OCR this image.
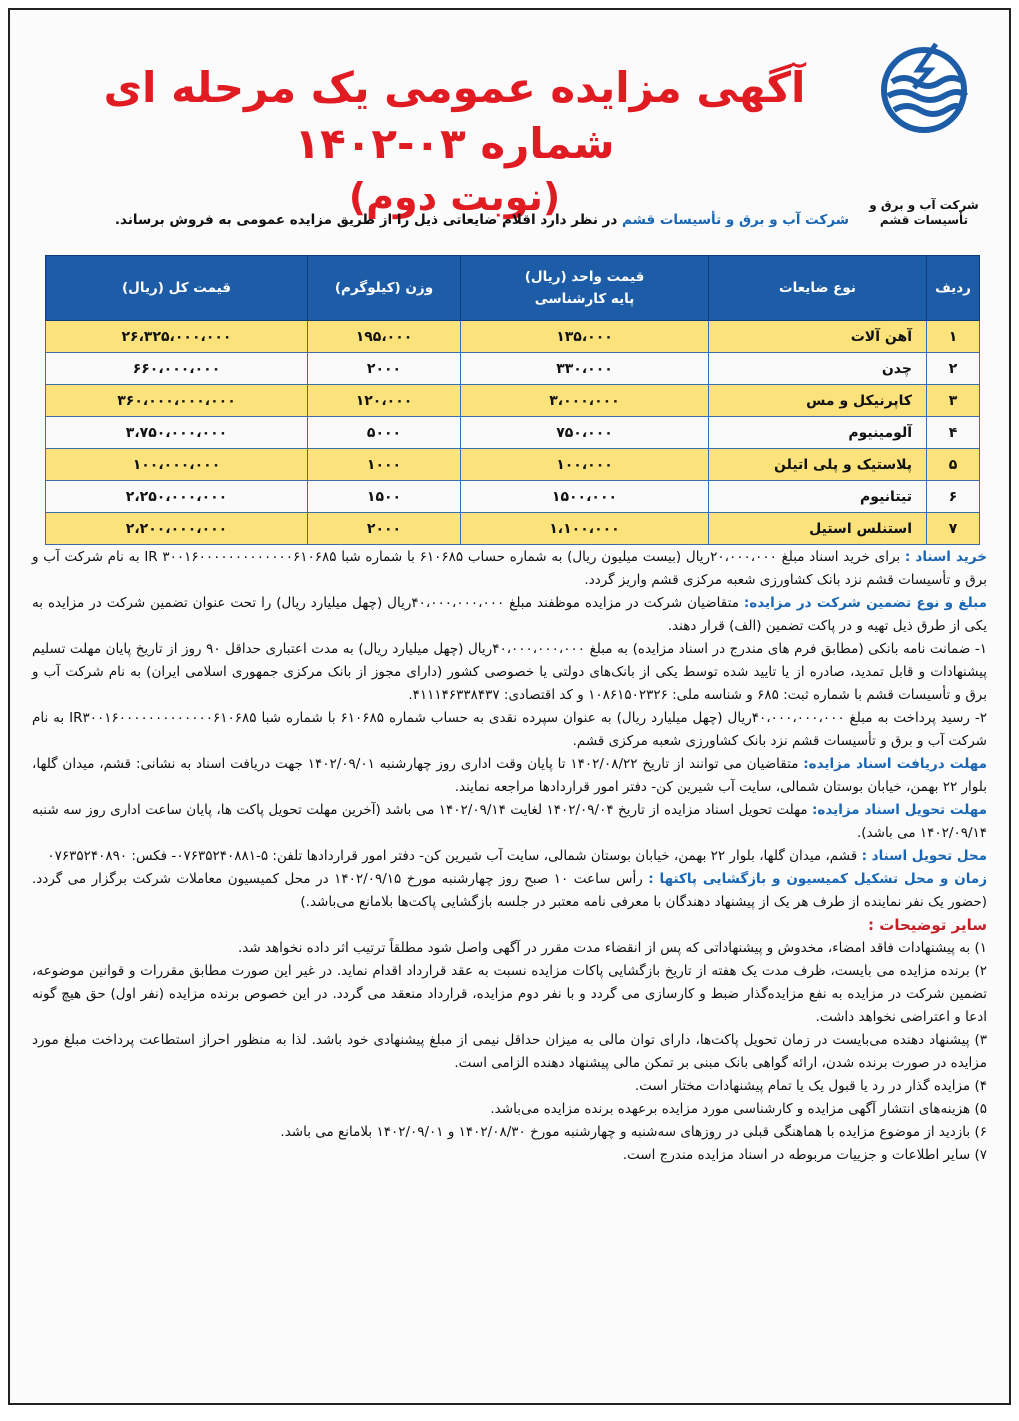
شرکت آب و برق و
تأسیسات قشم
آگهی مزایده عمومی یک مرحله ای شماره ۰۳-۱۴۰۲
(نوبت دوم)
شرکت آب و برق و تأسیسات قشم در نظر دارد اقلام ضایعاتی ذیل را از طریق مزایده عمومی به فروش برساند.
ردیف	نوع ضایعات	قیمت واحد (ریال)
پایه کارشناسی	وزن (کیلوگرم)	قیمت کل (ریال)
۱	آهن آلات	۱۳۵،۰۰۰	۱۹۵،۰۰۰	۲۶،۳۲۵،۰۰۰،۰۰۰
۲	چدن	۳۳۰،۰۰۰	۲۰۰۰	۶۶۰،۰۰۰،۰۰۰
۳	کاپرنیکل و مس	۳،۰۰۰،۰۰۰	۱۲۰،۰۰۰	۳۶۰،۰۰۰،۰۰۰،۰۰۰
۴	آلومینیوم	۷۵۰،۰۰۰	۵۰۰۰	۳،۷۵۰،۰۰۰،۰۰۰
۵	پلاستیک و پلی اتیلن	۱۰۰،۰۰۰	۱۰۰۰	۱۰۰،۰۰۰،۰۰۰
۶	تیتانیوم	۱۵۰۰،۰۰۰	۱۵۰۰	۲،۲۵۰،۰۰۰،۰۰۰
۷	استنلس استیل	۱،۱۰۰،۰۰۰	۲۰۰۰	۲،۲۰۰،۰۰۰،۰۰۰

خرید اسناد : برای خرید اسناد مبلغ ۲۰،۰۰۰،۰۰۰ریال (بیست میلیون ریال) به شماره حساب ۶۱۰۶۸۵ با شماره شبا IR ۳۰۰۱۶۰۰۰۰۰۰۰۰۰۰۰۰۰۶۱۰۶۸۵ به نام شرکت آب و برق و تأسیسات قشم نزد بانک کشاورزی شعبه مرکزی قشم واریز گردد.

مبلغ و نوع تضمین شرکت در مزایده: متقاضیان شرکت در مزایده موظفند مبلغ ۴۰،۰۰۰،۰۰۰،۰۰۰ریال (چهل میلیارد ریال) را تحت عنوان تضمین شرکت در مزایده به یکی از طرق ذیل تهیه و در پاکت تضمین (الف) قرار دهند.

۱- ضمانت نامه بانکی (مطابق فرم های مندرج در اسناد مزایده) به مبلغ ۴۰،۰۰۰،۰۰۰،۰۰۰ریال (چهل میلیارد ریال) به مدت اعتباری حداقل ۹۰ روز از تاریخ پایان مهلت تسلیم پیشنهادات و قابل تمدید، صادره از یا تایید شده توسط یکی از بانک‌های دولتی یا خصوصی کشور (دارای مجوز از بانک مرکزی جمهوری اسلامی ایران) به نام شرکت آب و برق و تأسیسات قشم با شماره ثبت: ۶۸۵ و شناسه ملی: ۱۰۸۶۱۵۰۲۳۲۶ و کد اقتصادی: ۴۱۱۱۴۶۳۳۸۴۳۷.

۲- رسید پرداخت به مبلغ ۴۰،۰۰۰،۰۰۰،۰۰۰ریال (چهل میلیارد ریال) به عنوان سپرده نقدی به حساب شماره ۶۱۰۶۸۵ با شماره شبا IR۳۰۰۱۶۰۰۰۰۰۰۰۰۰۰۰۰۰۶۱۰۶۸۵ به نام شرکت آب و برق و تأسیسات قشم نزد بانک کشاورزی شعبه مرکزی قشم.

مهلت دریافت اسناد مزایده: متقاضیان می توانند از تاریخ ۱۴۰۲/۰۸/۲۲ تا پایان وقت اداری روز چهارشنبه ۱۴۰۲/۰۹/۰۱ جهت دریافت اسناد به نشانی: قشم، میدان گلها، بلوار ۲۲ بهمن، خیابان بوستان شمالی، سایت آب شیرین کن- دفتر امور قراردادها مراجعه نمایند.

مهلت تحویل اسناد مزایده: مهلت تحویل اسناد مزایده از تاریخ ۱۴۰۲/۰۹/۰۴ لغایت ۱۴۰۲/۰۹/۱۴ می باشد (آخرین مهلت تحویل پاکت ها، پایان ساعت اداری روز سه شنبه ۱۴۰۲/۰۹/۱۴ می باشد).

محل تحویل اسناد : قشم، میدان گلها، بلوار ۲۲ بهمن، خیابان بوستان شمالی، سایت آب شیرین کن- دفتر امور قراردادها تلفن: ۵-۰۷۶۳۵۲۴۰۸۸۱- فکس: ۰۷۶۳۵۲۴۰۸۹۰

زمان و محل تشکیل کمیسیون و بازگشایی پاکتها : رأس ساعت ۱۰ صبح روز چهارشنبه مورخ ۱۴۰۲/۰۹/۱۵ در محل کمیسیون معاملات شرکت برگزار می گردد. (حضور یک نفر نماینده از طرف هر یک از پیشنهاد دهندگان با معرفی نامه معتبر در جلسه بازگشایی پاکت‌ها بلامانع می‌باشد.)

سایر توضیحات :

۱) به پیشنهادات فاقد امضاء، مخدوش و پیشنهاداتی که پس از انقضاء مدت مقرر در آگهی واصل شود مطلقاً ترتیب اثر داده نخواهد شد.

۲) برنده مزایده می بایست، ظرف مدت یک هفته از تاریخ بازگشایی پاکات مزایده نسبت به عقد قرارداد اقدام نماید. در غیر این صورت مطابق مقررات و قوانین موضوعه، تضمین شرکت در مزایده به نفع مزایده‌گذار ضبط و کارسازی می گردد و با نفر دوم مزایده، قرارداد منعقد می گردد. در این خصوص برنده مزایده (نفر اول) حق هیچ گونه ادعا و اعتراضی نخواهد داشت.

۳) پیشنهاد دهنده می‌بایست در زمان تحویل پاکت‌ها، دارای توان مالی به میزان حداقل نیمی از مبلغ پیشنهادی خود باشد. لذا به منظور احراز استطاعت پرداخت مبلغ مورد مزایده در صورت برنده شدن، ارائه گواهی بانک مبنی بر تمکن مالی پیشنهاد دهنده الزامی است.

۴) مزایده گذار در رد یا قبول یک یا تمام پیشنهادات مختار است.

۵) هزینه‌های انتشار آگهی مزایده و کارشناسی مورد مزایده برعهده برنده مزایده می‌باشد.

۶) بازدید از موضوع مزایده با هماهنگی قبلی در روزهای سه‌شنبه و چهارشنبه مورخ ۱۴۰۲/۰۸/۳۰ و ۱۴۰۲/۰۹/۰۱ بلامانع می باشد.

۷) سایر اطلاعات و جزییات مربوطه در اسناد مزایده مندرج است.
